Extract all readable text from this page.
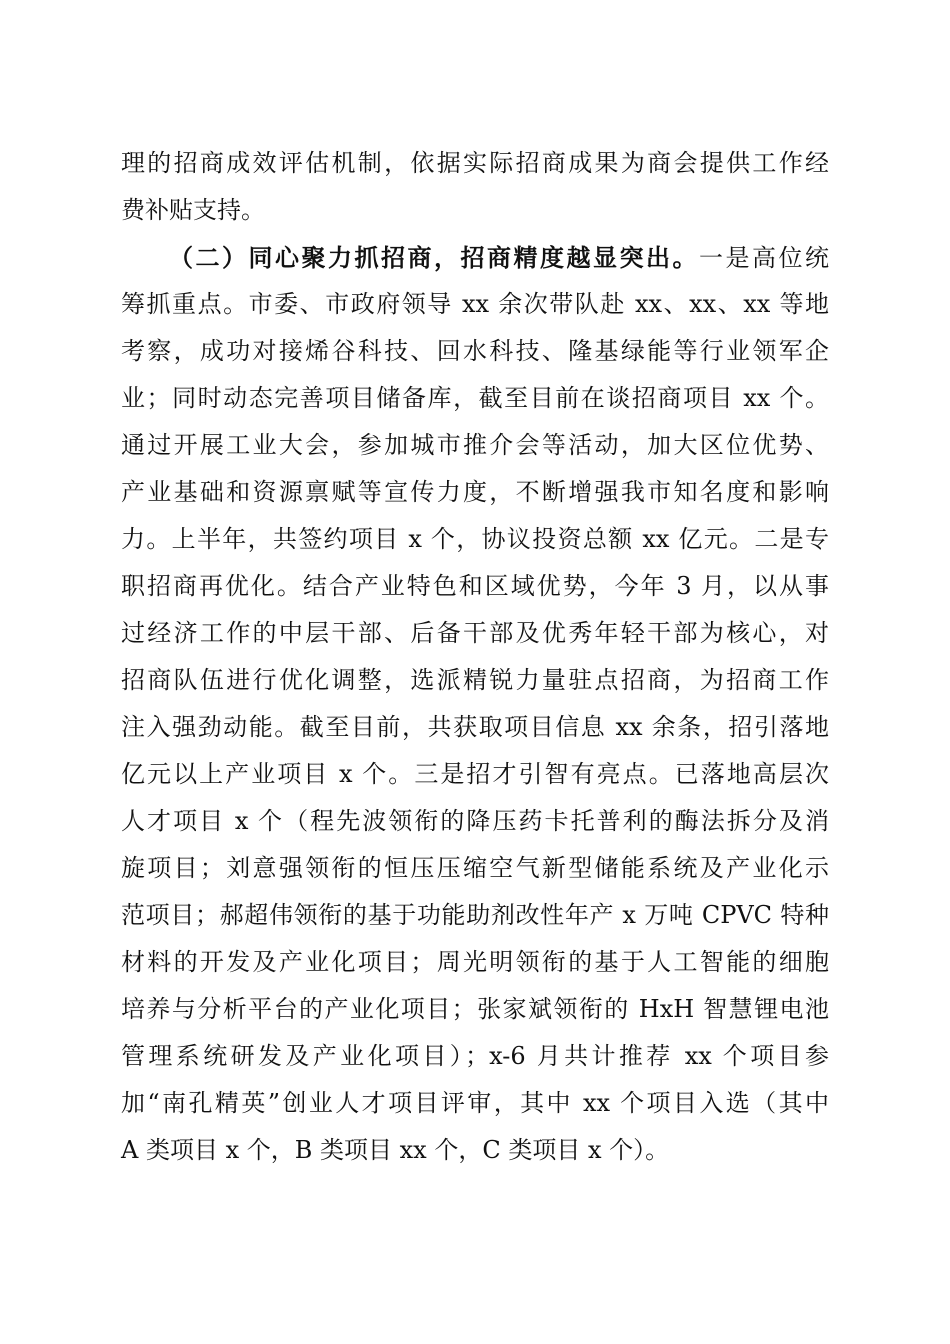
理的招商成效评估机制，依据实际招商成果为商会提供工作经
费补贴支持。
（二）同心聚力抓招商，招商精度越显突出。一是高位统
筹抓重点。市委、市政府领导 xx 余次带队赴 xx、xx、xx 等地
考察，成功对接烯谷科技、回水科技、隆基绿能等行业领军企
业；同时动态完善项目储备库，截至目前在谈招商项目 xx 个。
通过开展工业大会，参加城市推介会等活动，加大区位优势、
产业基础和资源禀赋等宣传力度，不断增强我市知名度和影响
力。上半年，共签约项目 x 个，协议投资总额 xx 亿元。二是专
职招商再优化。结合产业特色和区域优势，今年 3 月，以从事
过经济工作的中层干部、后备干部及优秀年轻干部为核心，对
招商队伍进行优化调整，选派精锐力量驻点招商，为招商工作
注入强劲动能。截至目前，共获取项目信息 xx 余条，招引落地
亿元以上产业项目 x 个。三是招才引智有亮点。已落地高层次
人才项目 x 个（程先波领衔的降压药卡托普利的酶法拆分及消
旋项目；刘意强领衔的恒压压缩空气新型储能系统及产业化示
范项目；郝超伟领衔的基于功能助剂改性年产 x 万吨 CPVC 特种
材料的开发及产业化项目；周光明领衔的基于人工智能的细胞
培养与分析平台的产业化项目；张家斌领衔的 HxH 智慧锂电池
管理系统研发及产业化项目）；x-6 月共计推荐 xx 个项目参
加“南孔精英”创业人才项目评审，其中 xx 个项目入选（其中
A 类项目 x 个，B 类项目 xx 个，C 类项目 x 个）。
